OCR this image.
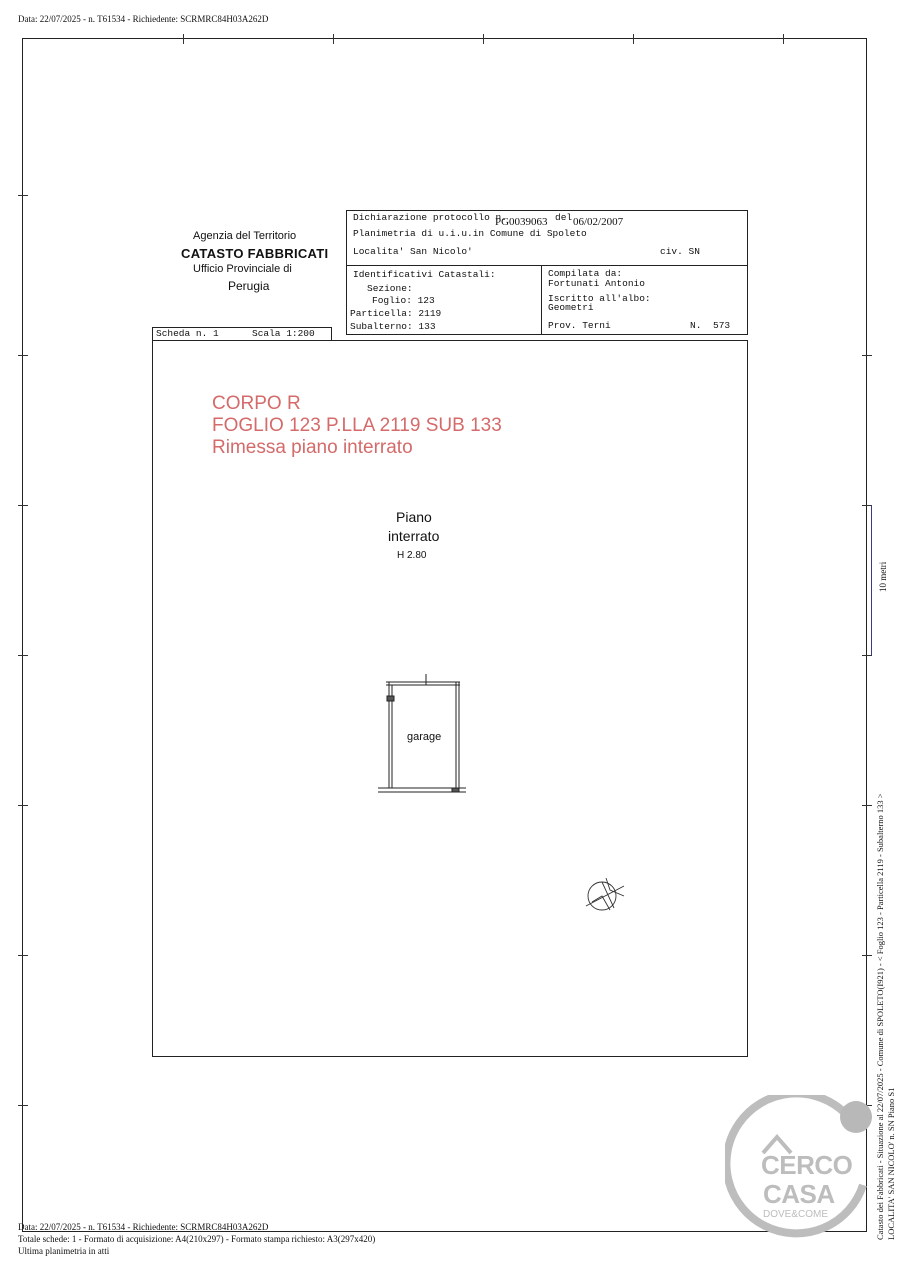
Data: 22/07/2025 - n. T61534 - Richiedente: SCRMRC84H03A262D
Agenzia del Territorio
CATASTO FABBRICATI
Ufficio Provinciale di
Perugia
Dichiarazione protocollo n.
PG0039063 del 06/02/2007
Planimetria di u.i.u.in Comune di Spoleto
Localita' San Nicolo'	civ. SN
Identificativi Catastali:
Sezione:
Foglio: 123
Particella: 2119
Subalterno: 133
Compilata da:
Fortunati Antonio
Iscritto all'albo:
Geometri
Prov. Terni	N. 573
Scheda n. 1	Scala 1:200
CORPO R
FOGLIO 123 P.LLA 2119 SUB 133
Rimessa piano interrato
Piano
interrato
H 2.80
garage
10 metri
Catasto dei Fabbricati - Situazione al 22/07/2025 - Comune di SPOLETO(I921) - < Foglio 123 - Particella 2119 - Subalterno 133 > LOCALITA' SAN NICOLO' n. SN Piano S1
CERCO
CASA
DOVE&COME
Data: 22/07/2025 - n. T61534 - Richiedente: SCRMRC84H03A262D
Totale schede: 1 - Formato di acquisizione: A4(210x297) - Formato stampa richiesto: A3(297x420)
Ultima planimetria in atti
